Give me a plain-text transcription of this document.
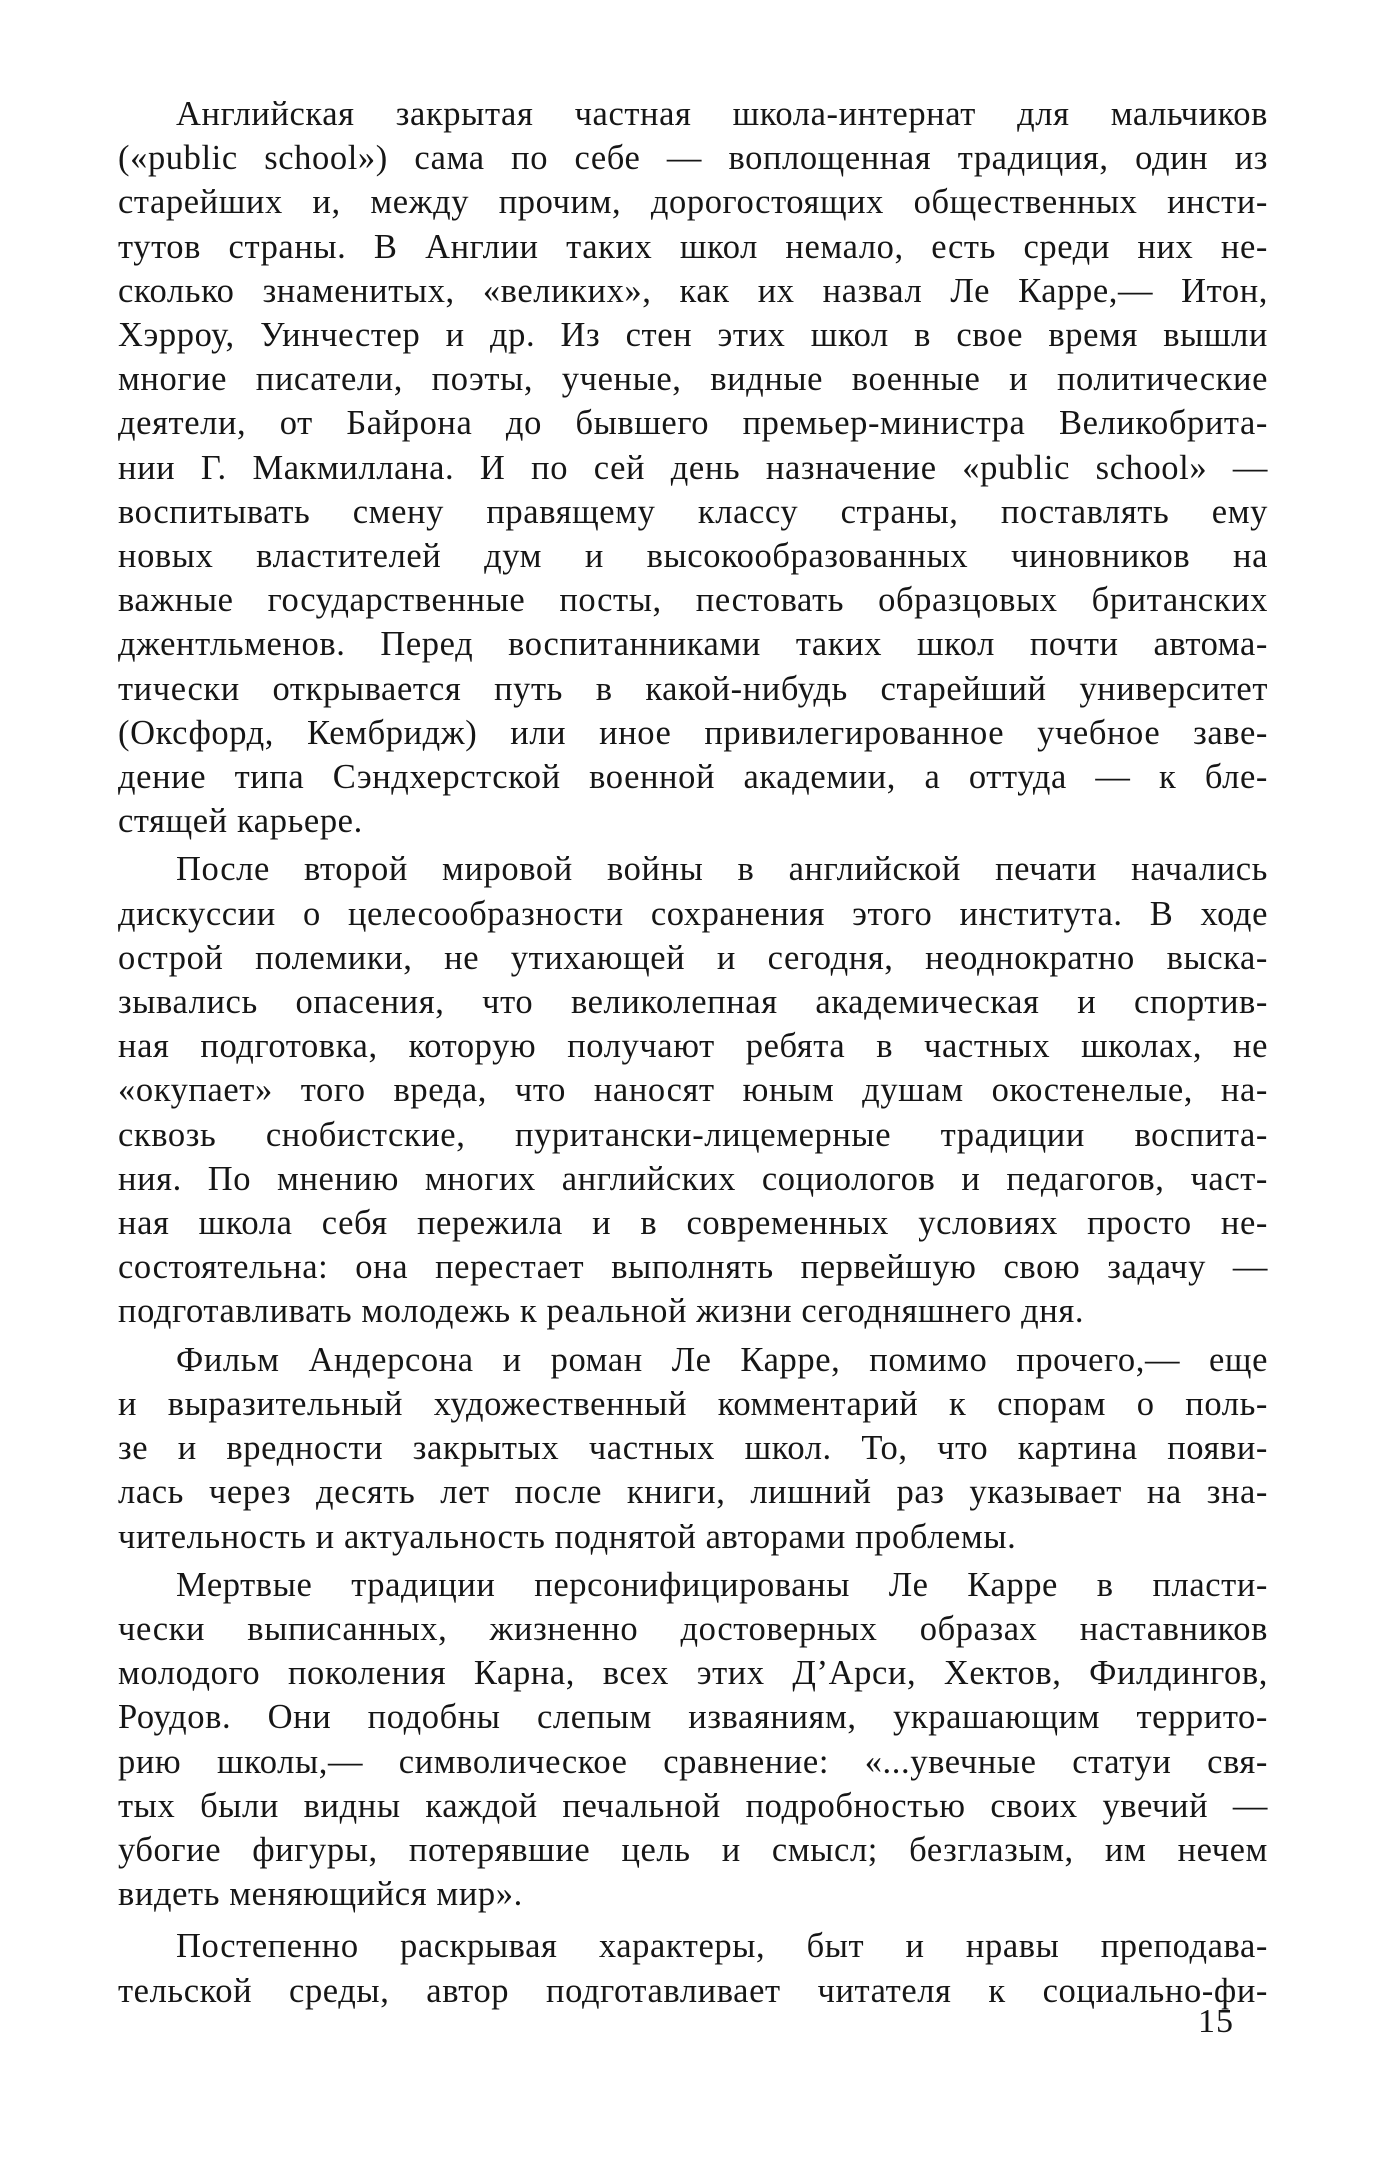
Английская закрытая частная школа-интернат для мальчиков
(«public school») сама по себе — воплощенная традиция, один из
старейших и, между прочим, дорогостоящих общественных инсти-
тутов страны. В Англии таких школ немало, есть среди них не-
сколько знаменитых, «великих», как их назвал Ле Карре,— Итон,
Хэрроу, Уинчестер и др. Из стен этих школ в свое время вышли
многие писатели, поэты, ученые, видные военные и политические
деятели, от Байрона до бывшего премьер-министра Великобрита-
нии Г. Макмиллана. И по сей день назначение «public school» —
воспитывать смену правящему классу страны, поставлять ему
новых властителей дум и высокообразованных чиновников на
важные государственные посты, пестовать образцовых британских
джентльменов. Перед воспитанниками таких школ почти автома-
тически открывается путь в какой-нибудь старейший университет
(Оксфорд, Кембридж) или иное привилегированное учебное заве-
дение типа Сэндхерстской военной академии, а оттуда — к бле-
стящей карьере.
После второй мировой войны в английской печати начались
дискуссии о целесообразности сохранения этого института. В ходе
острой полемики, не утихающей и сегодня, неоднократно выска-
зывались опасения, что великолепная академическая и спортив-
ная подготовка, которую получают ребята в частных школах, не
«окупает» того вреда, что наносят юным душам окостенелые, на-
сквозь снобистские, пуритански-лицемерные традиции воспита-
ния. По мнению многих английских социологов и педагогов, част-
ная школа себя пережила и в современных условиях просто не-
состоятельна: она перестает выполнять первейшую свою задачу —
подготавливать молодежь к реальной жизни сегодняшнего дня.
Фильм Андерсона и роман Ле Карре, помимо прочего,— еще
и выразительный художественный комментарий к спорам о поль-
зе и вредности закрытых частных школ. То, что картина появи-
лась через десять лет после книги, лишний раз указывает на зна-
чительность и актуальность поднятой авторами проблемы.
Мертвые традиции персонифицированы Ле Карре в пласти-
чески выписанных, жизненно достоверных образах наставников
молодого поколения Карна, всех этих Д’Арси, Хектов, Филдингов,
Роудов. Они подобны слепым изваяниям, украшающим террито-
рию школы,— символическое сравнение: «...увечные статуи свя-
тых были видны каждой печальной подробностью своих увечий —
убогие фигуры, потерявшие цель и смысл; безглазым, им нечем
видеть меняющийся мир».
Постепенно раскрывая характеры, быт и нравы преподава-
тельской среды, автор подготавливает читателя к социально-фи-
15
